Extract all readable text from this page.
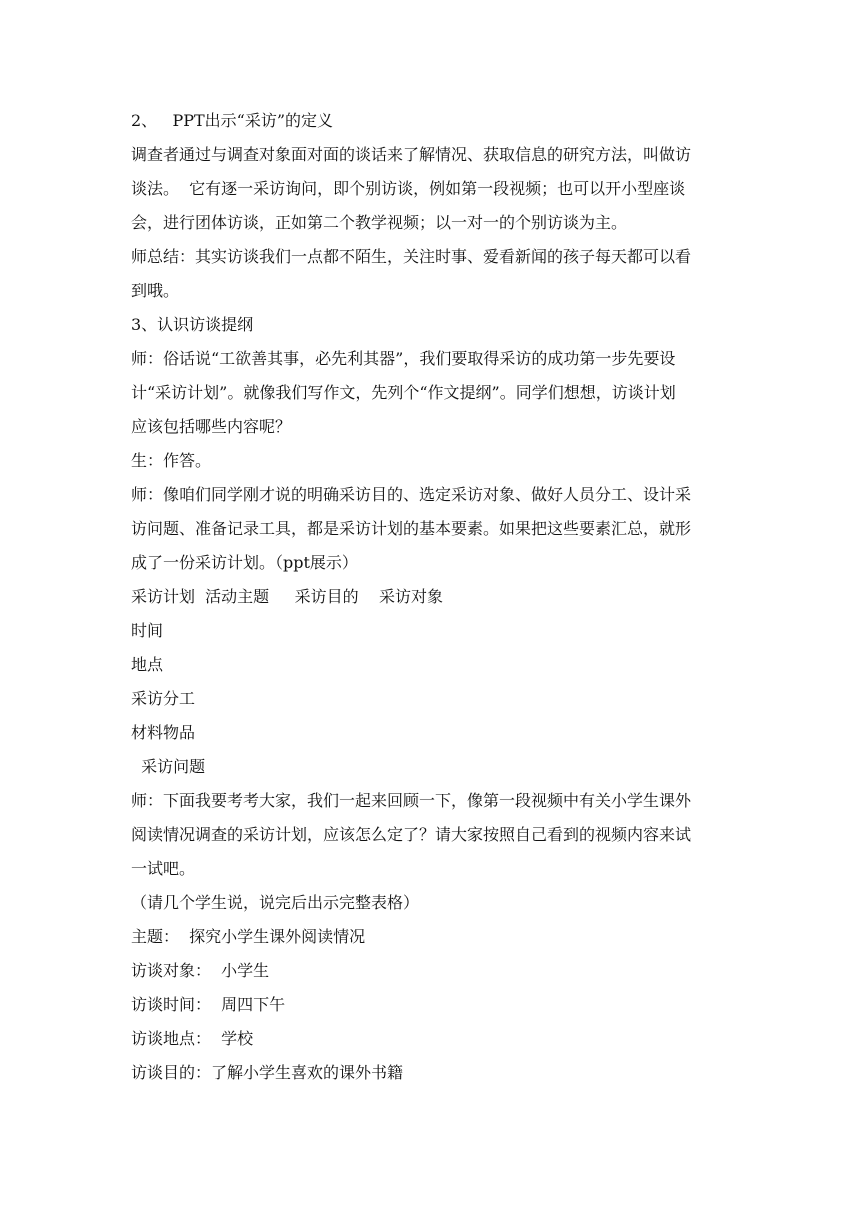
2、   PPT出示“采访”的定义
调查者通过与调查对象面对面的谈话来了解情况、获取信息的研究方法，叫做访
谈法。  它有逐一采访询问，即个别访谈，例如第一段视频；也可以开小型座谈
会，进行团体访谈，正如第二个教学视频；以一对一的个别访谈为主。
师总结：其实访谈我们一点都不陌生，关注时事、爱看新闻的孩子每天都可以看
到哦。
3、认识访谈提纲
师：俗话说“工欲善其事，必先利其器”，我们要取得采访的成功第一步先要设
计“采访计划”。就像我们写作文，先列个“作文提纲”。同学们想想，访谈计划
应该包括哪些内容呢？
生：作答。
师：像咱们同学刚才说的明确采访目的、选定采访对象、做好人员分工、设计采
访问题、准备记录工具，都是采访计划的基本要素。如果把这些要素汇总，就形
成了一份采访计划。（ppt展示）
采访计划  活动主题     采访目的    采访对象
时间
地点
采访分工
材料物品
采访问题
师：下面我要考考大家，我们一起来回顾一下，像第一段视频中有关小学生课外
阅读情况调查的采访计划，应该怎么定了？请大家按照自己看到的视频内容来试
一试吧。
（请几个学生说，说完后出示完整表格）
主题：  探究小学生课外阅读情况
访谈对象：  小学生
访谈时间：  周四下午
访谈地点：  学校
访谈目的：了解小学生喜欢的课外书籍
